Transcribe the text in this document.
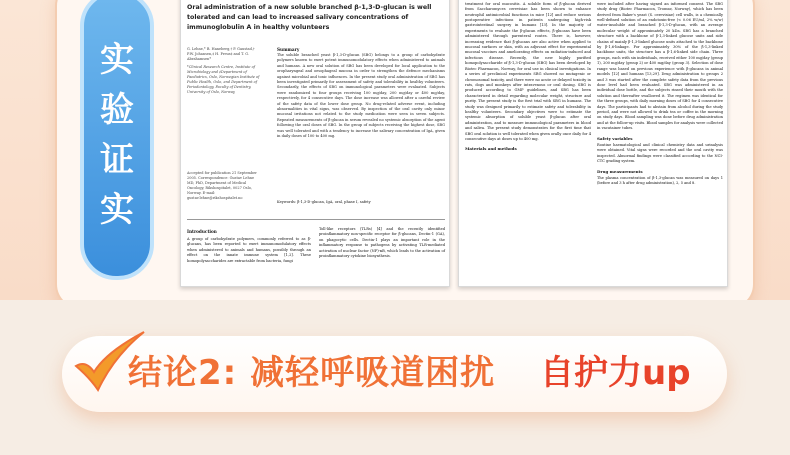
实
验
证
实
Oral administration of a new soluble branched β-1,3-D-glucan is well tolerated and can lead to increased salivary concentrations of immunoglobulin A in healthy volunteers
G. Lehne,* B. Haneberg,† P. Gaustad,† P.W. Johansen,‡ H. Preus‡ and T. G. Abrahamsen*
*Clinical Research Centre, Institute of Microbiology and ‡Department of Paediatrics, Oslo, Norwegian Institute of Public Health, Oslo, and Department of Periodontology, Faculty of Dentistry, University of Oslo, Norway
Accepted for publication 21 September 2005. Correspondence: Gustav Lehne MD, PhD, Department of Medical Oncology, Rikshospitalet, 0027 Oslo, Norway. E-mail: gustav.lehne@rikshospitalet.no
Summary
The soluble branched yeast β-1,3-D-glucan (SBG) belongs to a group of carbohydrate polymers known to exert potent immunomodulatory effects when administered to animals and humans. A new oral solution of SBG has been developed for local application to the oropharyngeal and oesophageal mucosa in order to strengthen the defence mechanisms against microbial and toxic influences. In the present study oral administration of SBG has been investigated primarily for assessment of safety and tolerability in healthy volunteers. Secondarily, the effects of SBG on immunological parameters were evaluated. Subjects were randomized to four groups receiving 100 mg/day, 200 mg/day or 400 mg/day, respectively, for 4 consecutive days. The dose increase was allowed after a careful review of the safety data of the lower dose group. No drug-related adverse event, including abnormalities in vital signs, was observed. By inspection of the oral cavity only minor mucosal irritations not related to the study medication were seen in seven subjects. Repeated measurements of β-glucan in serum revealed no systemic absorption of the agent following the oral doses of SBG. In the group of subjects receiving the highest dose, SBG was well tolerated and with a tendency to increase the salivary concentration of IgA, given in daily doses of 100 to 400 mg.
Keywords: β-1,3-D-glucan, IgA, oral, phase I, safety
Introduction
A group of carbohydrate polymers, commonly referred to as β-glucans, has been reported to exert immunomodulatory effects when administered to animals and humans, possibly through an effect on the innate immune system [1,2]. These homopolysaccharides are extractable from bacteria, fungi
Toll-like receptors (TLRs) [4] and the recently identified proinflammatory non-specific receptor for β-glucans, Dectin-1 (GA), on phagocytic cells. Dectin-1 plays an important role in the inflammatory response to pathogens by activating TLR-mediated activation of nuclear factor (NF)-κB, which leads to the activation of proinflammatory cytokine biosynthesis.
treatment for oral mucositis. A soluble form of β-glucan derived from Saccharomyces cerevisiae has been shown to enhance neutrophil antimicrobial functions in mice [12] and reduce serious postoperative infections in patients undergoing high-risk gastrointestinal surgery in humans [13]. In the majority of experiments to evaluate the β-glucan effects, β-glucans have been administered through parenteral routes. There is, however, increasing evidence that β-glucans are also active when applied to mucosal surfaces or skin, with an adjuvant effect for experimental mucosal vaccines and ameliorating effects on radiation-induced and infectious disease. Recently, the new highly purified homopolysaccharide of β-1,3-D-glucan (SBG) has been developed by Biotec Pharmacon, Norway, for oral use in clinical investigations. In a series of preclinical experiments SBG showed no mutagenic or chromosomal toxicity, and there were no acute or delayed toxicity in rats, dogs and monkeys after intravenous or oral dosing. SBG is produced according to GMP guidelines, and SBG has been characterized in detail regarding molecular weight, structure and purity. The present study is the first trial with SBG in humans. The study was designed primarily to estimate safety and tolerability in healthy volunteers. Secondary objectives were to estimate the systemic absorption of soluble yeast β-glucan after oral administration, and to measure immunological parameters in blood and saliva. The present study demonstrates for the first time that SBG oral solution is well tolerated when given orally once daily for 4 consecutive days at doses up to 400 mg.
Materials and methods
were included after having signed an informed consent. The SBG study drug (Biotec Pharmacon, Tromsø, Norway), which has been derived from Baker's yeast (S. cerevisiae) cell walls, is a chemically well-defined solution of an endotoxin-free (< 0.06 EU/ml, 2% w/w) water-insoluble and branched β-1,3-D-glucan, with an average molecular weight of approximately 20 kDa. SBG has a branched structure with a backbone of β-1,3-linked glucose units and side chains of mainly β-1,3-linked glucose units attached to the backbone by β-1,6-linkage. For approximately 30% of the β-1,3-linked backbone units, the structure has a β-1,6-linked side chain. Three groups, each with six individuals, received either 100 mg/day (group 1), 200 mg/day (group 2) or 400 mg/day (group 3). Selection of dose range was based on previous experience with β-glucans in animal models [12] and humans [13,29]. Drug administration to groups 2 and 3 was started after the complete safety data from the previous dose level had been evaluated. SBG was administered in an individual dose bottle, and the subjects rinsed their mouth with the solution and thereafter swallowed it. The regimen was identical for the three groups, with daily morning doses of SBG for 4 consecutive days. The participants had to abstain from alcohol during the study period, and were not allowed to drink tea or coffee in the morning on study days. Blood sampling was done before drug administration and at the follow-up visits. Blood samples for analysis were collected in vacutainer tubes.
Safety variables
Routine haematological and clinical chemistry data and urinalysis were obtained. Vital signs were recorded and the oral cavity was inspected. Abnormal findings were classified according to the NCI-CTC grading system.
Drug measurements
The plasma concentration of β-1,3-glucan was measured on days 1 (before and 3 h after drug administration), 2, 5 and 8.
结论2: 减轻呼吸道困扰 自护力up
